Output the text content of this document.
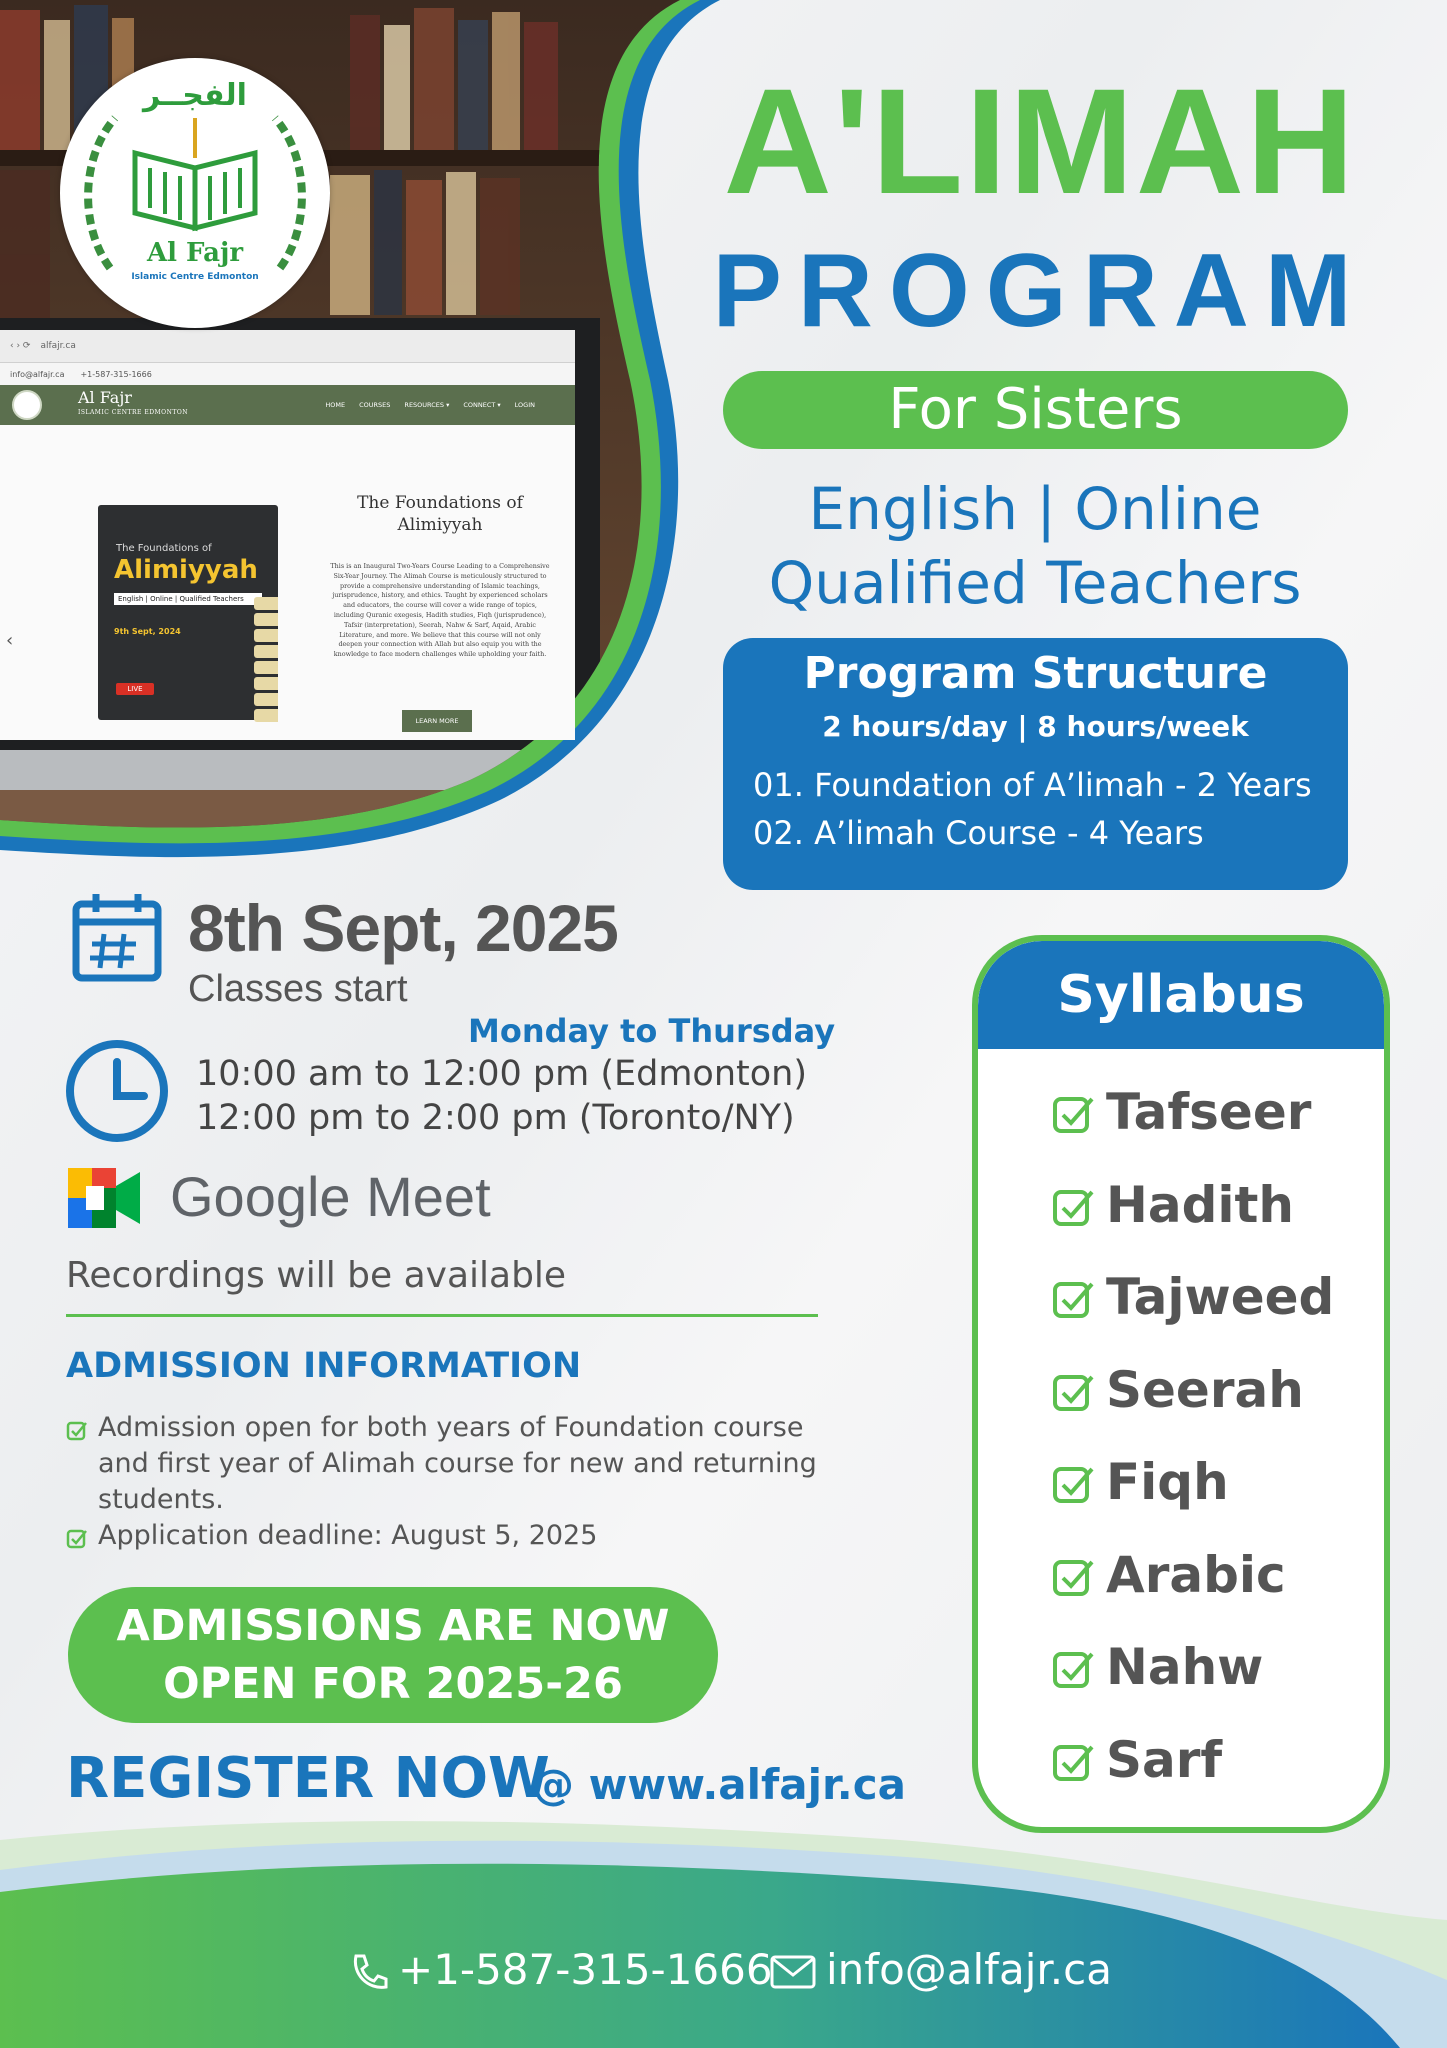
‹ › ⟳ alfajr.ca
info@alfajr.ca +1-587-315-1666
Al Fajr
ISLAMIC CENTRE EDMONTON
HOME COURSES RESOURCES ▾ CONNECT ▾ LOGIN
‹
The Foundations of
Alimiyyah
English | Online | Qualified Teachers
9th Sept, 2024
LIVE
The Foundations of Alimiyyah
This is an Inaugural Two-Years Course Leading to a Comprehensive Six-Year Journey. The Alimah Course is meticulously structured to provide a comprehensive understanding of Islamic teachings, jurisprudence, history, and ethics. Taught by experienced scholars and educators, the course will cover a wide range of topics, including Quranic exegesis, Hadith studies, Fiqh (jurisprudence), Tafsir (interpretation), Seerah, Nahw & Sarf, Aqaid, Arabic Literature, and more. We believe that this course will not only deepen your connection with Allah but also equip you with the knowledge to face modern challenges while upholding your faith.
LEARN MORE
الفجــر
Al Fajr
Islamic Centre Edmonton
A'LIMAH
PROGRAM
For Sisters
English | Online
Qualified Teachers
Program Structure
2 hours/day | 8 hours/week
01. Foundation of A’limah - 2 Years
02. A’limah Course - 4 Years
8th Sept, 2025
Classes start
Monday to Thursday
10:00 am to 12:00 pm (Edmonton)
12:00 pm to 2:00 pm (Toronto/NY)
Google Meet
Recordings will be available
ADMISSION INFORMATION
Admission open for both years of Foundation course and first year of Alimah course for new and returning students.
Application deadline: August 5, 2025
ADMISSIONS ARE NOW
OPEN FOR 2025-26
REGISTER NOW
@ www.alfajr.ca
Syllabus
Tafseer
Hadith
Tajweed
Seerah
Fiqh
Arabic
Nahw
Sarf
+1-587-315-1666 info@alfajr.ca
